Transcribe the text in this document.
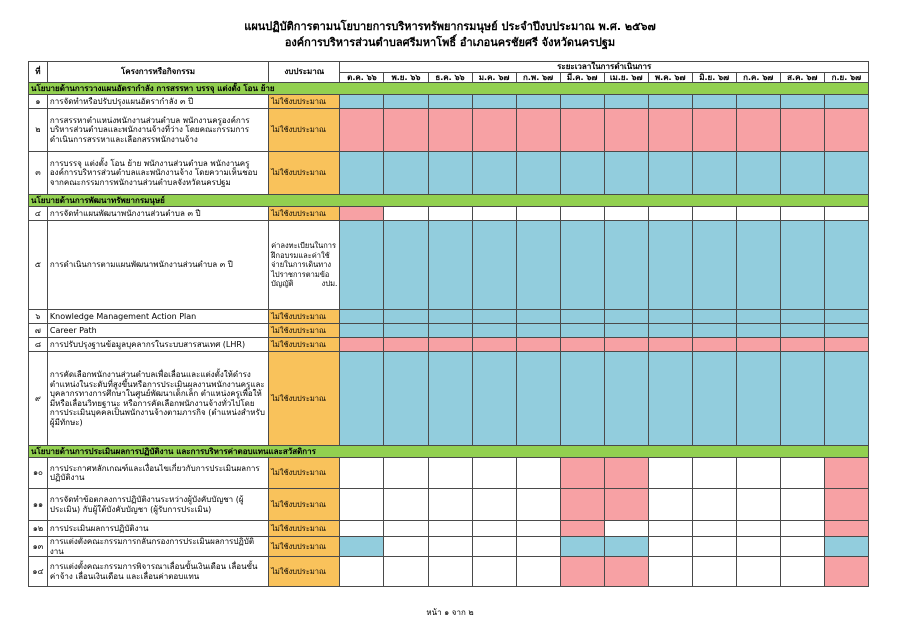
แผนปฏิบัติการตามนโยบายการบริหารทรัพยากรมนุษย์ ประจำปีงบประมาณ พ.ศ. ๒๕๖๗
องค์การบริหารส่วนตำบลศรีมหาโพธิ์ อำเภอนครชัยศรี จังหวัดนครปฐม
ที่	โครงการหรือกิจกรรม	งบประมาณ	ระยะเวลาในการดำเนินการ											
			ต.ค. ๖๖	พ.ย. ๖๖	ธ.ค. ๖๖	ม.ค. ๖๗	ก.พ. ๖๗	มี.ค. ๖๗	เม.ย. ๖๗	พ.ค. ๖๗	มิ.ย. ๖๗	ก.ค. ๖๗	ส.ค. ๖๗	ก.ย. ๖๗
นโยบายด้านการวางแผนอัตรากำลัง การสรรหา บรรจุ แต่งตั้ง โอน ย้าย														
๑	การจัดทำหรือปรับปรุงแผนอัตรากำลัง ๓ ปี	ไม่ใช้งบประมาณ												
๒	การสรรหาตำแหน่งพนักงานส่วนตำบล พนักงานครูองค์การบริหารส่วนตำบลและพนักงานจ้างที่ว่าง โดยคณะกรรมการดำเนินการสรรหาและเลือกสรรพนักงานจ้าง	ไม่ใช้งบประมาณ												
๓	การบรรจุ แต่งตั้ง โอน ย้าย พนักงานส่วนตำบล พนักงานครูองค์การบริหารส่วนตำบลและพนักงานจ้าง โดยความเห็นชอบจากคณะกรรมการพนักงานส่วนตำบลจังหวัดนครปฐม	ไม่ใช้งบประมาณ												
นโยบายด้านการพัฒนาทรัพยากรมนุษย์														
๔	การจัดทำแผนพัฒนาพนักงานส่วนตำบล ๓ ปี	ไม่ใช้งบประมาณ												
๕	การดำเนินการตามแผนพัฒนาพนักงานส่วนตำบล ๓ ปี	ค่าลงทะเบียนในการฝึกอบรมและค่าใช้จ่ายในการเดินทางไปราชการตามข้อบัญญัติ งปม.												
๖	Knowledge Management Action Plan	ไม่ใช้งบประมาณ												
๗	Career Path	ไม่ใช้งบประมาณ												
๘	การปรับปรุงฐานข้อมูลบุคลากรในระบบสารสนเทศ (LHR)	ไม่ใช้งบประมาณ												
๙	การคัดเลือกพนักงานส่วนตำบลเพื่อเลื่อนและแต่งตั้งให้ดำรงตำแหน่งในระดับที่สูงขึ้นหรือการประเมินผลงานพนักงานครูและบุคลากรทางการศึกษาในศูนย์พัฒนาเด็กเล็ก ตำแหน่งครูเพื่อให้มีหรือเลื่อนวิทยฐานะ หรือการคัดเลือกพนักงานจ้างทั่วไปโดยการประเมินบุคคลเป็นพนักงานจ้างตามภารกิจ (ตำแหน่งสำหรับผู้มีทักษะ)	ไม่ใช้งบประมาณ												
นโยบายด้านการประเมินผลการปฏิบัติงาน และการบริหารค่าตอบแทนและสวัสดิการ														
๑๐	การประกาศหลักเกณฑ์และเงื่อนไขเกี่ยวกับการประเมินผลการปฏิบัติงาน	ไม่ใช้งบประมาณ												
๑๑	การจัดทำข้อตกลงการปฏิบัติงานระหว่างผู้บังคับบัญชา (ผู้ประเมิน) กับผู้ใต้บังคับบัญชา (ผู้รับการประเมิน)	ไม่ใช้งบประมาณ												
๑๒	การประเมินผลการปฏิบัติงาน	ไม่ใช้งบประมาณ												
๑๓	การแต่งตั้งคณะกรรมการกลั่นกรองการประเมินผลการปฏิบัติงาน	ไม่ใช้งบประมาณ												
๑๔	การแต่งตั้งคณะกรรมการพิจารณาเลื่อนขั้นเงินเดือน เลื่อนขั้นค่าจ้าง เลื่อนเงินเดือน และเลื่อนค่าตอบแทน	ไม่ใช้งบประมาณ												
หน้า ๑ จาก ๒
